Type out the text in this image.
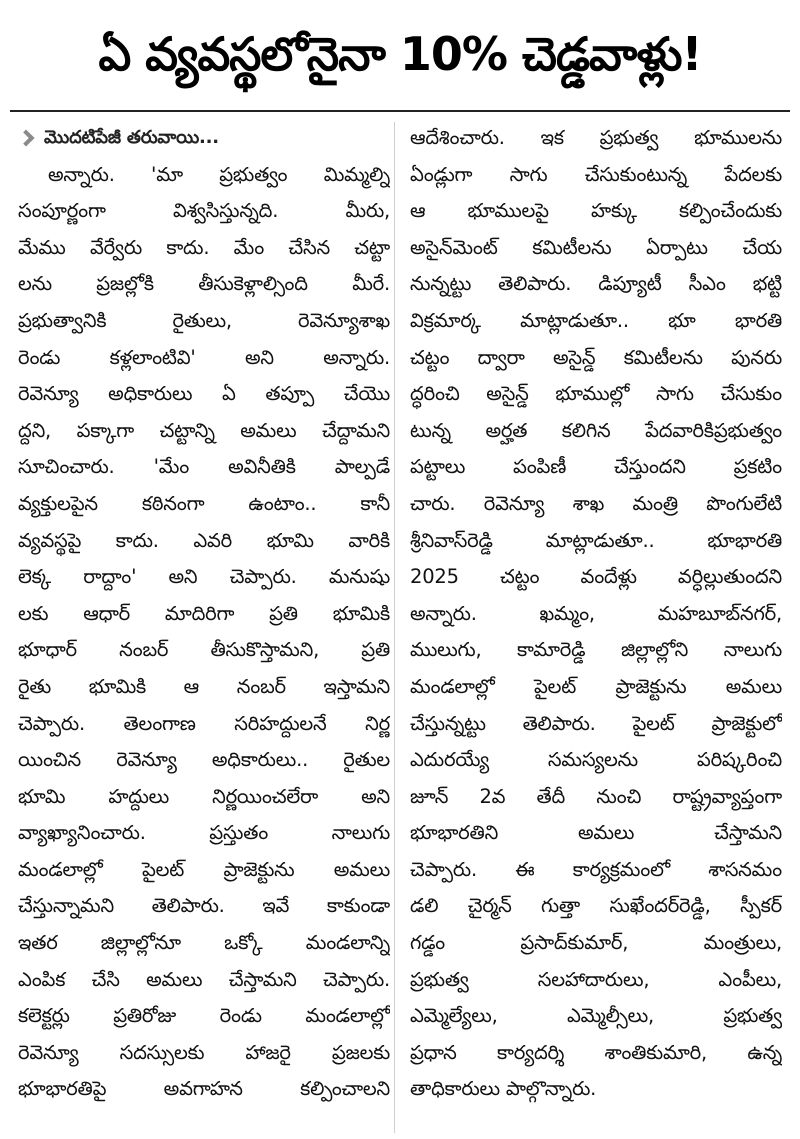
ఏ వ్యవస్థలోనైనా 10% చెడ్డవాళ్లు!
మొదటిపేజీ తరువాయి...
అన్నారు. 'మా ప్రభుత్వం మిమ్మల్ని
సంపూర్ణంగా విశ్వసిస్తున్నది. మీరు,
మేము వేర్వేరు కాదు. మేం చేసిన చట్టా
లను ప్రజల్లోకి తీసుకెళ్లాల్సింది మీరే.
ప్రభుత్వానికి రైతులు, రెవెన్యూశాఖ
రెండు కళ్లలాంటివి' అని అన్నారు.
రెవెన్యూ అధికారులు ఏ తప్పూ చేయొ
ద్దని, పక్కాగా చట్టాన్ని అమలు చేద్దామని
సూచించారు. 'మేం అవినీతికి పాల్పడే
వ్యక్తులపైన కఠినంగా ఉంటాం.. కానీ
వ్యవస్థపై కాదు. ఎవరి భూమి వారికి
లెక్క రాద్దాం' అని చెప్పారు. మనుషు
లకు ఆధార్ మాదిరిగా ప్రతి భూమికి
భూధార్ నంబర్ తీసుకొస్తామని, ప్రతి
రైతు భూమికి ఆ నంబర్ ఇస్తామని
చెప్పారు. తెలంగాణ సరిహద్దులనే నిర్ణ
యించిన రెవెన్యూ అధికారులు.. రైతుల
భూమి హద్దులు నిర్ణయించలేరా అని
వ్యాఖ్యానించారు. ప్రస్తుతం నాలుగు
మండలాల్లో పైలట్ ప్రాజెక్టును అమలు
చేస్తున్నామని తెలిపారు. ఇవే కాకుండా
ఇతర జిల్లాల్లోనూ ఒక్కో మండలాన్ని
ఎంపిక చేసి అమలు చేస్తామని చెప్పారు.
కలెక్టర్లు ప్రతిరోజు రెండు మండలాల్లో
రెవెన్యూ సదస్సులకు హాజరై ప్రజలకు
భూభారతిపై అవగాహన కల్పించాలని
ఆదేశించారు. ఇక ప్రభుత్వ భూములను
ఏండ్లుగా సాగు చేసుకుంటున్న పేదలకు
ఆ భూములపై హక్కు కల్పించేందుకు
అసైన్‌మెంట్ కమిటీలను ఏర్పాటు చేయ
నున్నట్టు తెలిపారు. డిప్యూటీ సీఎం భట్టి
విక్రమార్క మాట్లాడుతూ.. భూ భారతి
చట్టం ద్వారా అసైన్డ్ కమిటీలను పునరు
ద్ధరించి అసైన్డ్ భూముల్లో సాగు చేసుకుం
టున్న అర్హత కలిగిన పేదవారికిప్రభుత్వం
పట్టాలు పంపిణీ చేస్తుందని ప్రకటిం
చారు. రెవెన్యూ శాఖ మంత్రి పొంగులేటి
శ్రీనివాస్‌రెడ్డి మాట్లాడుతూ.. భూభారతి
2025 చట్టం వందేళ్లు వర్ధిల్లుతుందని
అన్నారు. ఖమ్మం, మహబూబ్‌నగర్,
ములుగు, కామారెడ్డి జిల్లాల్లోని నాలుగు
మండలాల్లో పైలట్ ప్రాజెక్టును అమలు
చేస్తున్నట్టు తెలిపారు. పైలట్ ప్రాజెక్టులో
ఎదురయ్యే సమస్యలను పరిష్కరించి
జూన్ 2వ తేదీ నుంచి రాష్ట్రవ్యాప్తంగా
భూభారతిని అమలు చేస్తామని
చెప్పారు. ఈ కార్యక్రమంలో శాసనమం
డలి చైర్మన్ గుత్తా సుఖేందర్‌రెడ్డి, స్పీకర్
గడ్డం ప్రసాద్‌కుమార్, మంత్రులు,
ప్రభుత్వ సలహాదారులు, ఎంపీలు,
ఎమ్మెల్యేలు, ఎమ్మెల్సీలు, ప్రభుత్వ
ప్రధాన కార్యదర్శి శాంతికుమారి, ఉన్న
తాధికారులు పాల్గొన్నారు.
